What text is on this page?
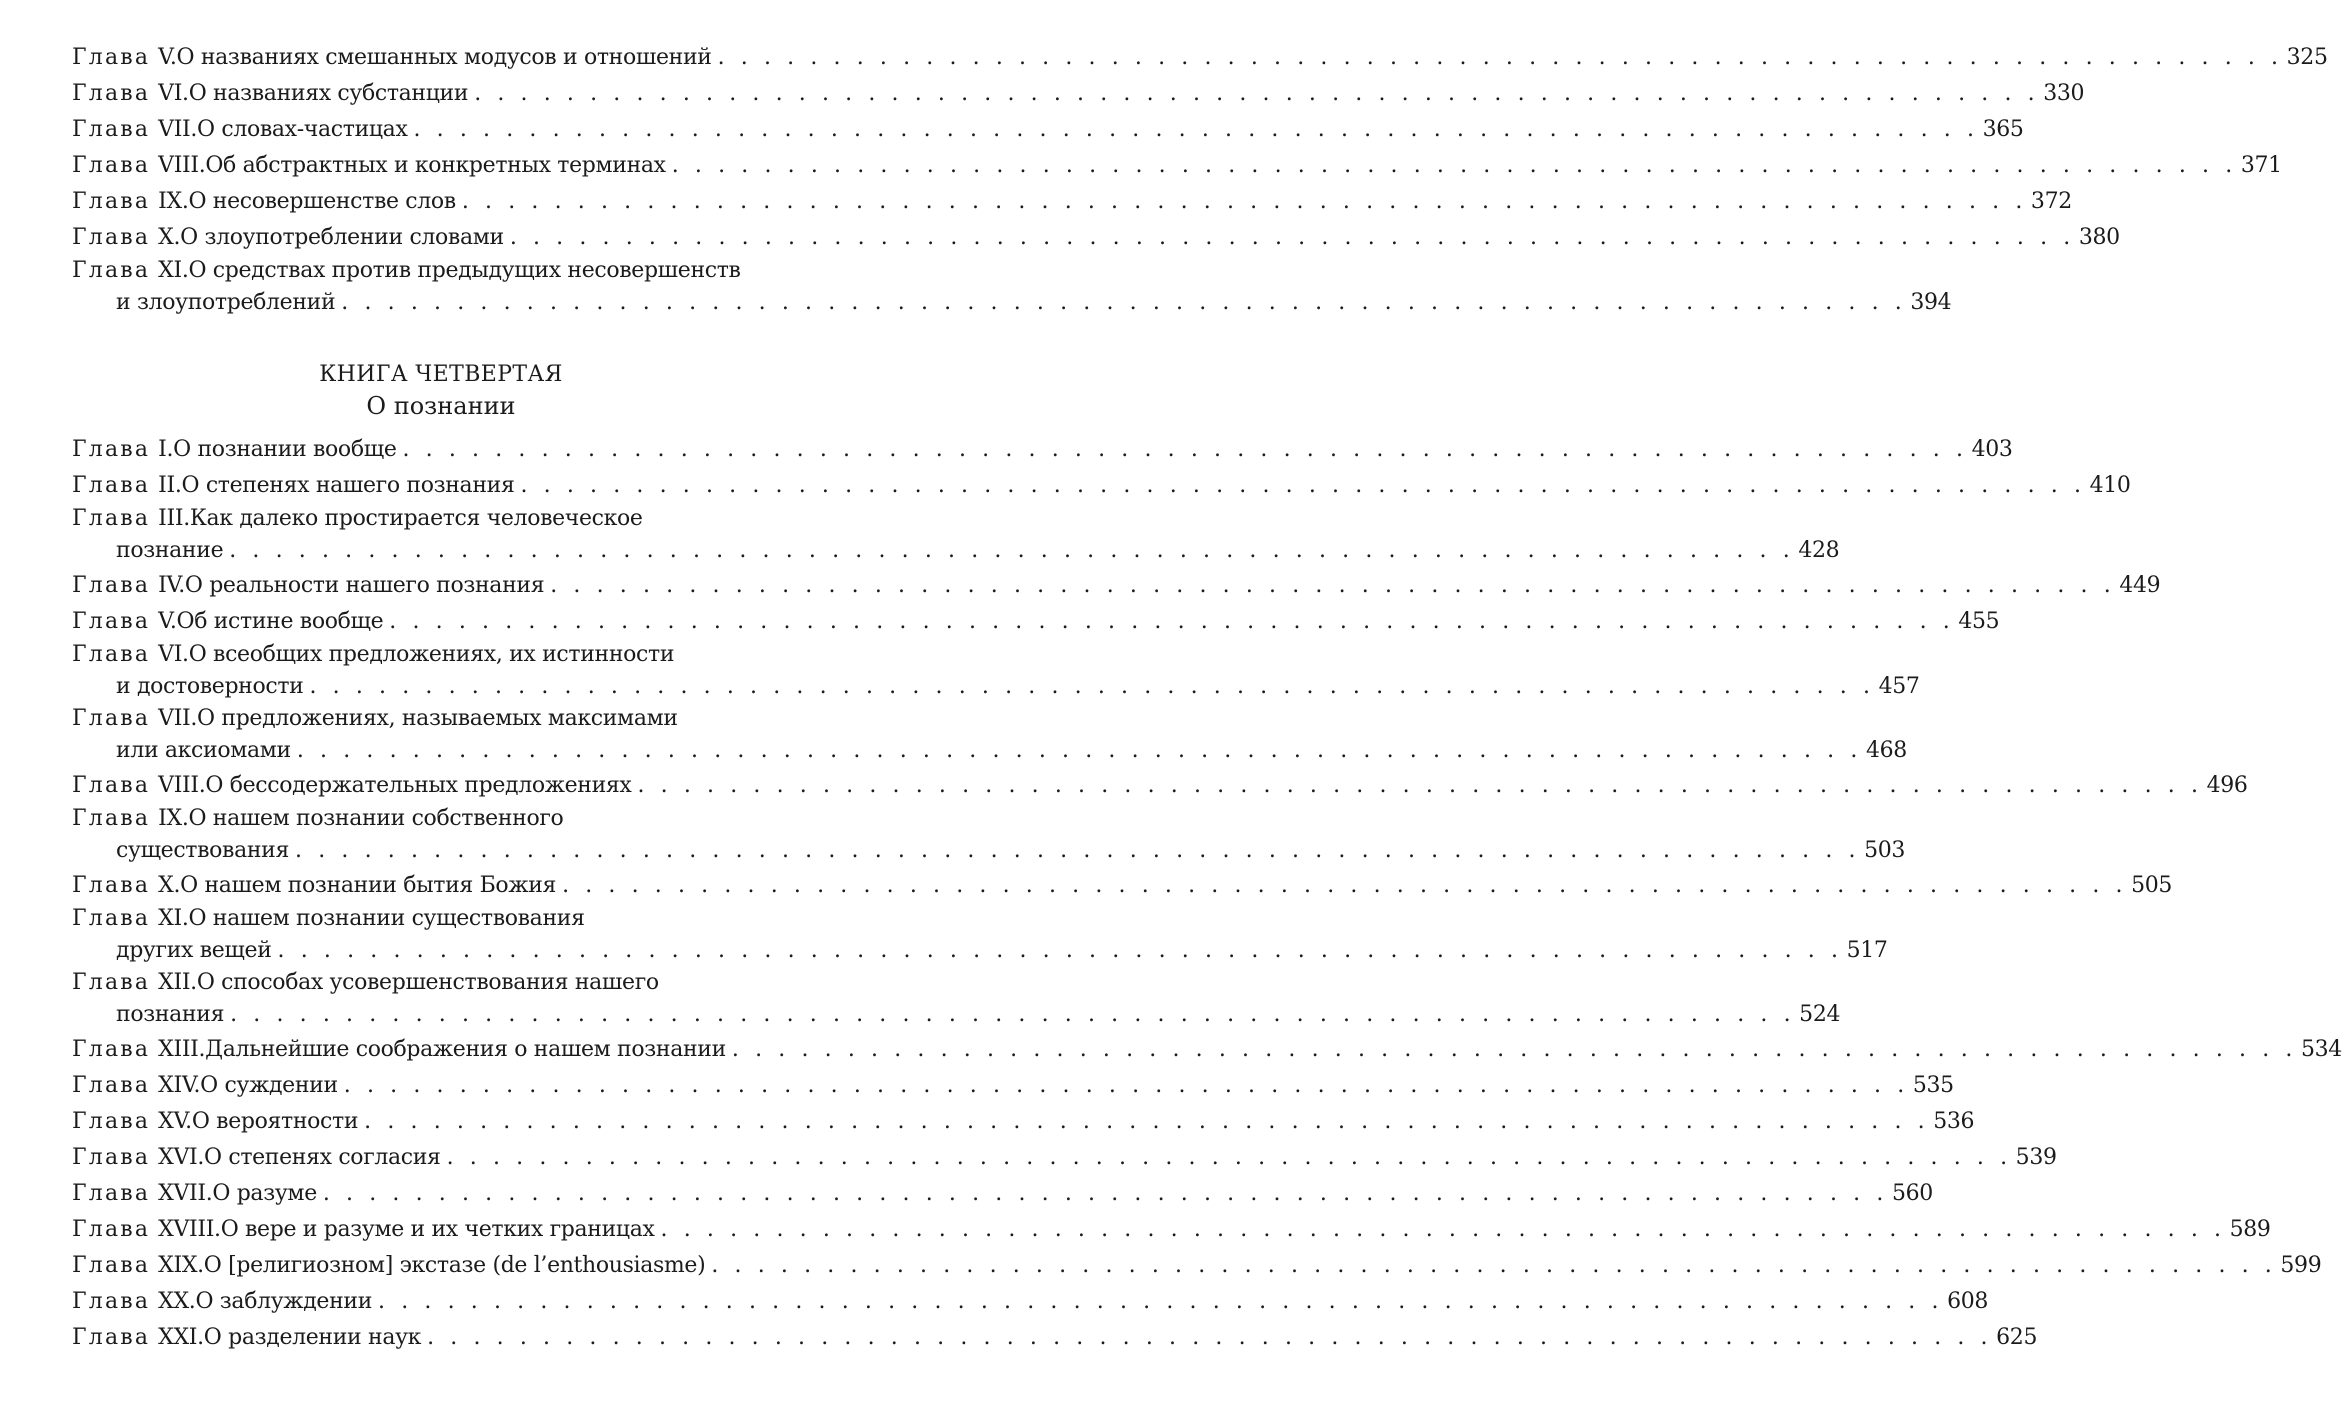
Глава V. О названиях смешанных модусов и отношений . . . . . . . . . . . . . . . . . . . . . . . . . . . . . . . . . . . . . . . . . . . . . . . . . . . . . . . . . . . . . . . . . . . . 325
Глава VI. О названиях субстанции . . . . . . . . . . . . . . . . . . . . . . . . . . . . . . . . . . . . . . . . . . . . . . . . . . . . . . . . . . . . . . . . . . . . 330
Глава VII. О словах-частицах . . . . . . . . . . . . . . . . . . . . . . . . . . . . . . . . . . . . . . . . . . . . . . . . . . . . . . . . . . . . . . . . . . . . 365
Глава VIII. Об абстрактных и конкретных терминах . . . . . . . . . . . . . . . . . . . . . . . . . . . . . . . . . . . . . . . . . . . . . . . . . . . . . . . . . . . . . . . . . . . . 371
Глава IX. О несовершенстве слов . . . . . . . . . . . . . . . . . . . . . . . . . . . . . . . . . . . . . . . . . . . . . . . . . . . . . . . . . . . . . . . . . . . . 372
Глава X. О злоупотреблении словами . . . . . . . . . . . . . . . . . . . . . . . . . . . . . . . . . . . . . . . . . . . . . . . . . . . . . . . . . . . . . . . . . . . . 380
Глава XI. О средствах против предыдущих несовершенств
и злоупотреблений . . . . . . . . . . . . . . . . . . . . . . . . . . . . . . . . . . . . . . . . . . . . . . . . . . . . . . . . . . . . . . . . . . . . 394
КНИГА ЧЕТВЕРТАЯ
О познании
Глава I. О познании вообще . . . . . . . . . . . . . . . . . . . . . . . . . . . . . . . . . . . . . . . . . . . . . . . . . . . . . . . . . . . . . . . . . . . . 403
Глава II. О степенях нашего познания . . . . . . . . . . . . . . . . . . . . . . . . . . . . . . . . . . . . . . . . . . . . . . . . . . . . . . . . . . . . . . . . . . . . 410
Глава III. Как далеко простирается человеческое
познание . . . . . . . . . . . . . . . . . . . . . . . . . . . . . . . . . . . . . . . . . . . . . . . . . . . . . . . . . . . . . . . . . . . . 428
Глава IV. О реальности нашего познания . . . . . . . . . . . . . . . . . . . . . . . . . . . . . . . . . . . . . . . . . . . . . . . . . . . . . . . . . . . . . . . . . . . . 449
Глава V. Об истине вообще . . . . . . . . . . . . . . . . . . . . . . . . . . . . . . . . . . . . . . . . . . . . . . . . . . . . . . . . . . . . . . . . . . . . 455
Глава VI. О всеобщих предложениях, их истинности
и достоверности . . . . . . . . . . . . . . . . . . . . . . . . . . . . . . . . . . . . . . . . . . . . . . . . . . . . . . . . . . . . . . . . . . . . 457
Глава VII. О предложениях, называемых максимами
или аксиомами . . . . . . . . . . . . . . . . . . . . . . . . . . . . . . . . . . . . . . . . . . . . . . . . . . . . . . . . . . . . . . . . . . . . 468
Глава VIII. О бессодержательных предложениях . . . . . . . . . . . . . . . . . . . . . . . . . . . . . . . . . . . . . . . . . . . . . . . . . . . . . . . . . . . . . . . . . . . . 496
Глава IX. О нашем познании собственного
существования . . . . . . . . . . . . . . . . . . . . . . . . . . . . . . . . . . . . . . . . . . . . . . . . . . . . . . . . . . . . . . . . . . . . 503
Глава X. О нашем познании бытия Божия . . . . . . . . . . . . . . . . . . . . . . . . . . . . . . . . . . . . . . . . . . . . . . . . . . . . . . . . . . . . . . . . . . . . 505
Глава XI. О нашем познании существования
других вещей . . . . . . . . . . . . . . . . . . . . . . . . . . . . . . . . . . . . . . . . . . . . . . . . . . . . . . . . . . . . . . . . . . . . 517
Глава XII. О способах усовершенствования нашего
познания . . . . . . . . . . . . . . . . . . . . . . . . . . . . . . . . . . . . . . . . . . . . . . . . . . . . . . . . . . . . . . . . . . . . 524
Глава XIII. Дальнейшие соображения о нашем познании . . . . . . . . . . . . . . . . . . . . . . . . . . . . . . . . . . . . . . . . . . . . . . . . . . . . . . . . . . . . . . . . . . . . 534
Глава XIV. О суждении . . . . . . . . . . . . . . . . . . . . . . . . . . . . . . . . . . . . . . . . . . . . . . . . . . . . . . . . . . . . . . . . . . . . 535
Глава XV. О вероятности . . . . . . . . . . . . . . . . . . . . . . . . . . . . . . . . . . . . . . . . . . . . . . . . . . . . . . . . . . . . . . . . . . . . 536
Глава XVI. О степенях согласия . . . . . . . . . . . . . . . . . . . . . . . . . . . . . . . . . . . . . . . . . . . . . . . . . . . . . . . . . . . . . . . . . . . . 539
Глава XVII. О разуме . . . . . . . . . . . . . . . . . . . . . . . . . . . . . . . . . . . . . . . . . . . . . . . . . . . . . . . . . . . . . . . . . . . . 560
Глава XVIII. О вере и разуме и их четких границах . . . . . . . . . . . . . . . . . . . . . . . . . . . . . . . . . . . . . . . . . . . . . . . . . . . . . . . . . . . . . . . . . . . . 589
Глава XIX. О [религиозном] экстазе (de l’enthousiasme) . . . . . . . . . . . . . . . . . . . . . . . . . . . . . . . . . . . . . . . . . . . . . . . . . . . . . . . . . . . . . . . . . . . . 599
Глава XX. О заблуждении . . . . . . . . . . . . . . . . . . . . . . . . . . . . . . . . . . . . . . . . . . . . . . . . . . . . . . . . . . . . . . . . . . . . 608
Глава XXI. О разделении наук . . . . . . . . . . . . . . . . . . . . . . . . . . . . . . . . . . . . . . . . . . . . . . . . . . . . . . . . . . . . . . . . . . . . 625
